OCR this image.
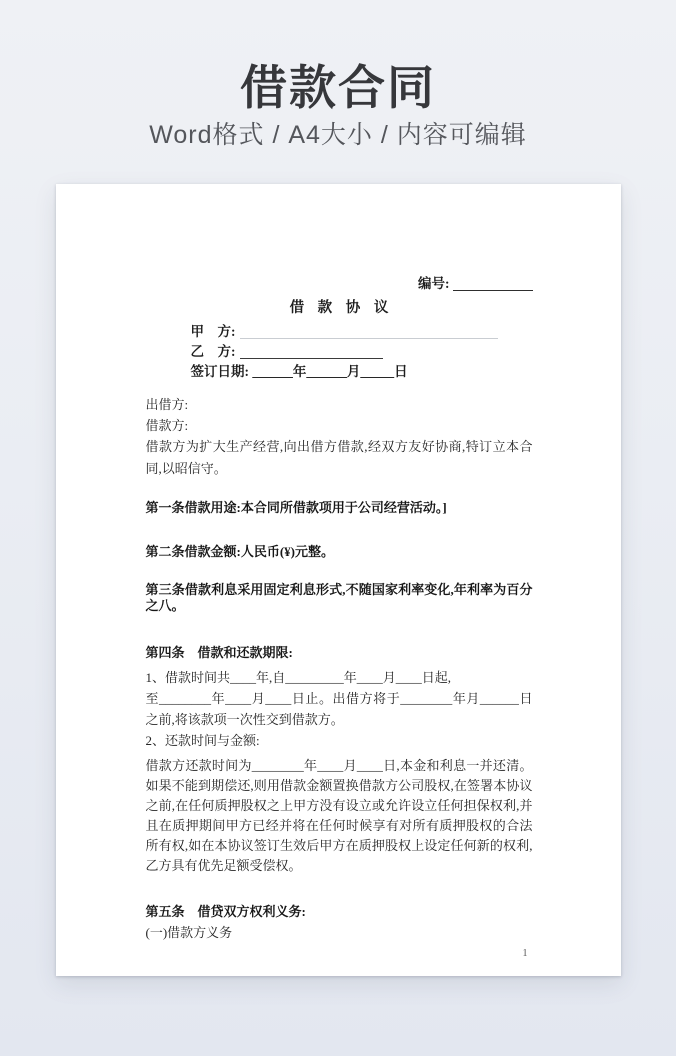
借款合同
Word格式 / A4大小 / 内容可编辑
编号:
借 款 协 议
甲　方:
乙　方:
签订日期: ______年______月_____日
出借方:
借款方:

借款方为扩大生产经营,向出借方借款,经双方友好协商,特订立本合同,以昭信守。

第一条借款用途:本合同所借款项用于公司经营活动。]

第二条借款金额:人民币(¥)元整。

第三条借款利息采用固定利息形式,不随国家利率变化,年利率为百分之八。

第四条　借款和还款期限:

1、借款时间共____年,自_________年____月____日起,
至________年____月____日止。出借方将于________年月______日之前,将该款项一次性交到借款方。
2、还款时间与金额:

借款方还款时间为________年____月____日,本金和利息一并还清。如果不能到期偿还,则用借款金额置换借款方公司股权,在签署本协议之前,在任何质押股权之上甲方没有设立或允许设立任何担保权利,并且在质押期间甲方已经并将在任何时候享有对所有质押股权的合法所有权,如在本协议签订生效后甲方在质押股权上设定任何新的权利,乙方具有优先足额受偿权。

第五条　借贷双方权利义务:

(一)借款方义务
1
